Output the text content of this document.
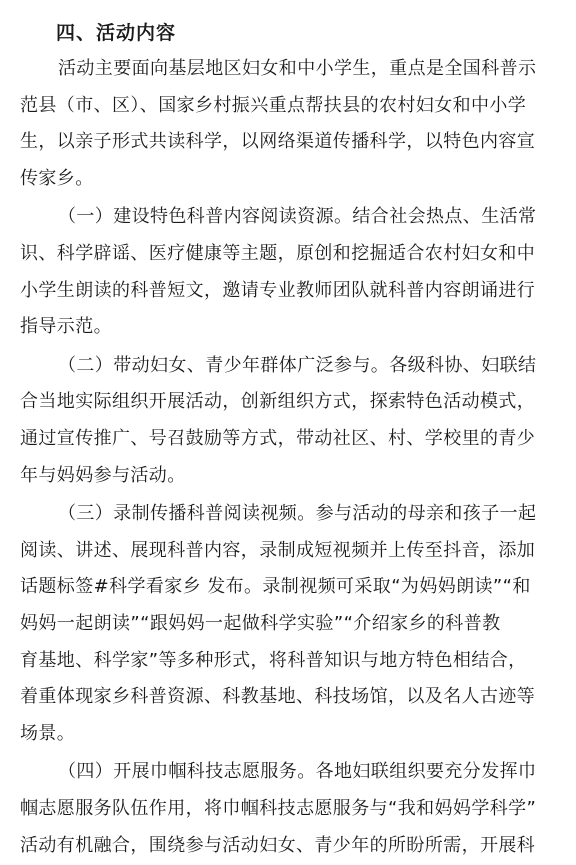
四、活动内容
活动主要面向基层地区妇女和中小学生，重点是全国科普示
范县（市、区）、国家乡村振兴重点帮扶县的农村妇女和中小学
生，以亲子形式共读科学，以网络渠道传播科学，以特色内容宣
传家乡。
（一）建设特色科普内容阅读资源。结合社会热点、生活常
识、科学辟谣、医疗健康等主题，原创和挖掘适合农村妇女和中
小学生朗读的科普短文，邀请专业教师团队就科普内容朗诵进行
指导示范。
（二）带动妇女、青少年群体广泛参与。各级科协、妇联结
合当地实际组织开展活动，创新组织方式，探索特色活动模式，
通过宣传推广、号召鼓励等方式，带动社区、村、学校里的青少
年与妈妈参与活动。
（三）录制传播科普阅读视频。参与活动的母亲和孩子一起
阅读、讲述、展现科普内容，录制成短视频并上传至抖音，添加
话题标签#科学看家乡 发布。录制视频可采取“为妈妈朗读”“和
妈妈一起朗读”“跟妈妈一起做科学实验”“介绍家乡的科普教
育基地、科学家”等多种形式，将科普知识与地方特色相结合，
着重体现家乡科普资源、科教基地、科技场馆，以及名人古迹等
场景。
（四）开展巾帼科技志愿服务。各地妇联组织要充分发挥巾
帼志愿服务队伍作用，将巾帼科技志愿服务与“我和妈妈学科学”
活动有机融合，围绕参与活动妇女、青少年的所盼所需，开展科
